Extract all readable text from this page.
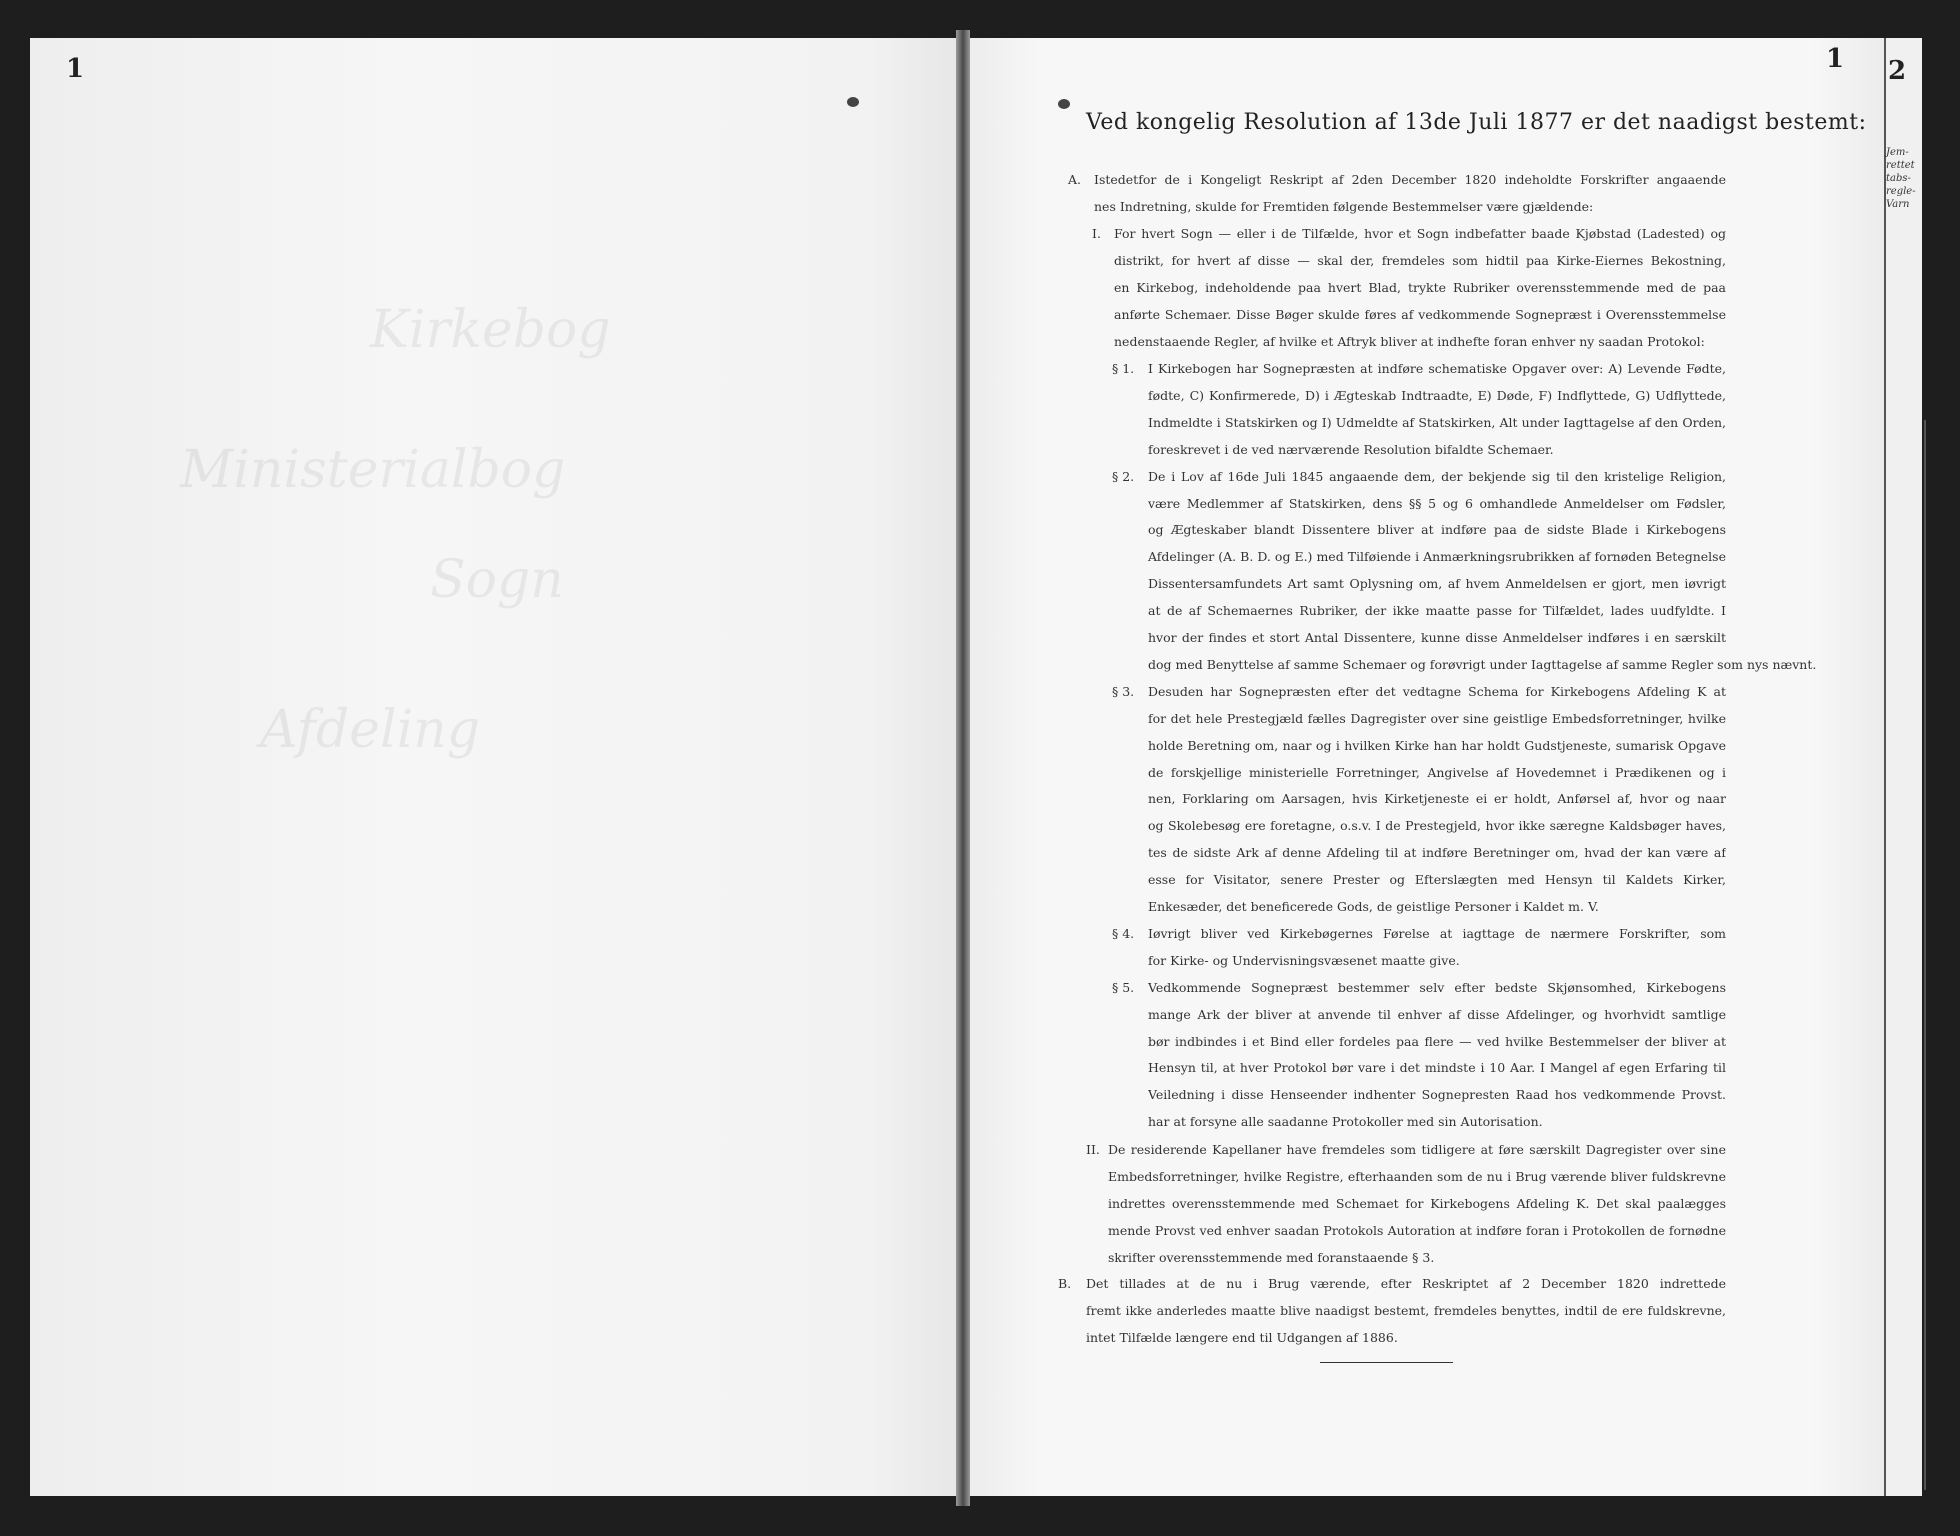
1	1 2
Kirkebog
Ministerialbog
Sogn
Afdeling
Ved kongelig Resolution af 13de Juli 1877 er det naadigst bestemt:
A. Istedetfor de i Kongeligt Reskript af 2den December 1820 indeholdte Forskrifter angaaende
nes Indretning, skulde for Fremtiden følgende Bestemmelser være gjældende:
I. For hvert Sogn — eller i de Tilfælde, hvor et Sogn indbefatter baade Kjøbstad (Ladested) og
distrikt, for hvert af disse — skal der, fremdeles som hidtil paa Kirke-Eiernes Bekostning,
en Kirkebog, indeholdende paa hvert Blad, trykte Rubriker overensstemmende med de paa
anførte Schemaer. Disse Bøger skulde føres af vedkommende Sognepræst i Overensstemmelse
nedenstaaende Regler, af hvilke et Aftryk bliver at indhefte foran enhver ny saadan Protokol:
§ 1. I Kirkebogen har Sognepræsten at indføre schematiske Opgaver over: A) Levende Fødte,
fødte, C) Konfirmerede, D) i Ægteskab Indtraadte, E) Døde, F) Indflyttede, G) Udflyttede,
Indmeldte i Statskirken og I) Udmeldte af Statskirken, Alt under Iagttagelse af den Orden,
foreskrevet i de ved nærværende Resolution bifaldte Schemaer.
§ 2. De i Lov af 16de Juli 1845 angaaende dem, der bekjende sig til den kristelige Religion,
være Medlemmer af Statskirken, dens §§ 5 og 6 omhandlede Anmeldelser om Fødsler,
og Ægteskaber blandt Dissentere bliver at indføre paa de sidste Blade i Kirkebogens
Afdelinger (A. B. D. og E.) med Tilføiende i Anmærkningsrubrikken af fornøden Betegnelse
Dissentersamfundets Art samt Oplysning om, af hvem Anmeldelsen er gjort, men iøvrigt
at de af Schemaernes Rubriker, der ikke maatte passe for Tilfældet, lades uudfyldte. I
hvor der findes et stort Antal Dissentere, kunne disse Anmeldelser indføres i en særskilt
dog med Benyttelse af samme Schemaer og forøvrigt under Iagttagelse af samme Regler som nys nævnt.
§ 3. Desuden har Sognepræsten efter det vedtagne Schema for Kirkebogens Afdeling K at
for det hele Prestegjæld fælles Dagregister over sine geistlige Embedsforretninger, hvilke
holde Beretning om, naar og i hvilken Kirke han har holdt Gudstjeneste, sumarisk Opgave
de forskjellige ministerielle Forretninger, Angivelse af Hovedemnet i Prædikenen og i
nen, Forklaring om Aarsagen, hvis Kirketjeneste ei er holdt, Anførsel af, hvor og naar
og Skolebesøg ere foretagne, o.s.v. I de Prestegjeld, hvor ikke særegne Kaldsbøger haves,
tes de sidste Ark af denne Afdeling til at indføre Beretninger om, hvad der kan være af
esse for Visitator, senere Prester og Efterslægten med Hensyn til Kaldets Kirker,
Enkesæder, det beneficerede Gods, de geistlige Personer i Kaldet m. V.
§ 4. Iøvrigt bliver ved Kirkebøgernes Førelse at iagttage de nærmere Forskrifter, som
for Kirke- og Undervisningsvæsenet maatte give.
§ 5. Vedkommende Sognepræst bestemmer selv efter bedste Skjønsomhed, Kirkebogens
mange Ark der bliver at anvende til enhver af disse Afdelinger, og hvorhvidt samtlige
bør indbindes i et Bind eller fordeles paa flere — ved hvilke Bestemmelser der bliver at
Hensyn til, at hver Protokol bør vare i det mindste i 10 Aar. I Mangel af egen Erfaring til
Veiledning i disse Henseender indhenter Sognepresten Raad hos vedkommende Provst.
har at forsyne alle saadanne Protokoller med sin Autorisation.
II. De residerende Kapellaner have fremdeles som tidligere at føre særskilt Dagregister over sine
Embedsforretninger, hvilke Registre, efterhaanden som de nu i Brug værende bliver fuldskrevne
indrettes overensstemmende med Schemaet for Kirkebogens Afdeling K. Det skal paalægges
mende Provst ved enhver saadan Protokols Autoration at indføre foran i Protokollen de fornødne
skrifter overensstemmende med foranstaaende § 3.
B. Det tillades at de nu i Brug værende, efter Reskriptet af 2 December 1820 indrettede
fremt ikke anderledes maatte blive naadigst bestemt, fremdeles benyttes, indtil de ere fuldskrevne,
intet Tilfælde længere end til Udgangen af 1886.
Jem-
rettet
tabs-
regle-
Varn
